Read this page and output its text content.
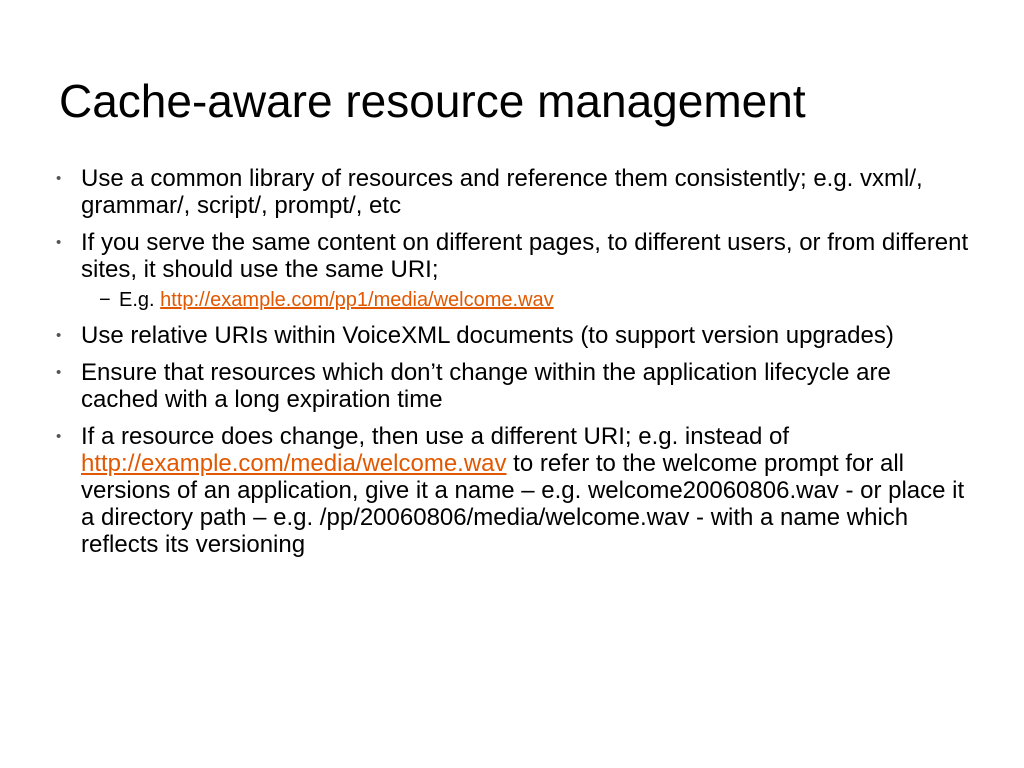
Cache-aware resource management
• Use a common library of resources and reference them consistently; e.g. vxml/, grammar/, script/, prompt/, etc
• If you serve the same content on different pages, to different users, or from different sites, it should use the same URI;
− E.g. http://example.com/pp1/media/welcome.wav
• Use relative URIs within VoiceXML documents (to support version upgrades)
• Ensure that resources which don’t change within the application lifecycle are cached with a long expiration time
• If a resource does change, then use a different URI; e.g. instead of http://example.com/media/welcome.wav to refer to the welcome prompt for all versions of an application, give it a name – e.g. welcome20060806.wav - or place it a directory path – e.g. /pp/20060806/media/welcome.wav - with a name which reflects its versioning
